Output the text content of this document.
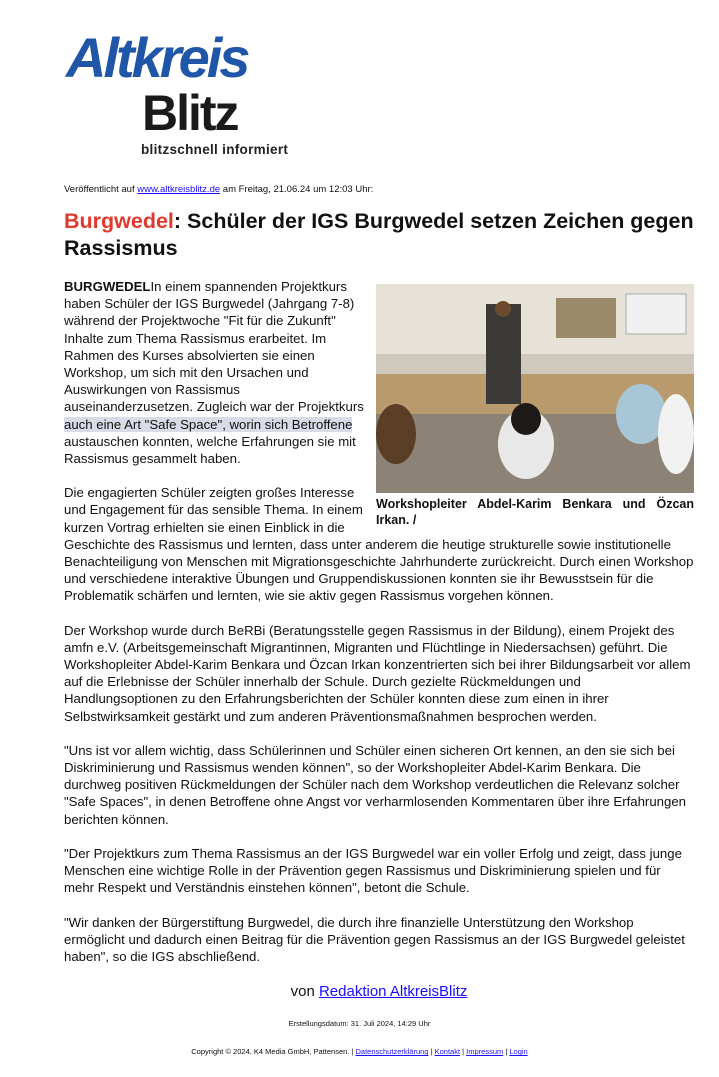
Altkreis
Blitz
blitzschnell informiert
Veröffentlicht auf www.altkreisblitz.de am Freitag, 21.06.24 um 12:03 Uhr:
Burgwedel: Schüler der IGS Burgwedel setzen Zeichen gegen Rassismus
Workshopleiter Abdel-Karim Benkara und Özcan Irkan. /

BURGWEDELIn einem spannenden Projektkurs haben Schüler der IGS Burgwedel (Jahrgang 7-8) während der Projektwoche "Fit für die Zukunft" Inhalte zum Thema Rassismus erarbeitet. Im Rahmen des Kurses absolvierten sie einen Workshop, um sich mit den Ursachen und Auswirkungen von Rassismus auseinanderzusetzen. Zugleich war der Projektkurs auch eine Art "Safe Space", worin sich Betroffene austauschen konnten, welche Erfahrungen sie mit Rassismus gesammelt haben.

Die engagierten Schüler zeigten großes Interesse und Engagement für das sensible Thema. In einem kurzen Vortrag erhielten sie einen Einblick in die Geschichte des Rassismus und lernten, dass unter anderem die heutige strukturelle sowie institutionelle Benachteiligung von Menschen mit Migrationsgeschichte Jahrhunderte zurückreicht. Durch einen Workshop und verschiedene interaktive Übungen und Gruppendiskussionen konnten sie ihr Bewusstsein für die Problematik schärfen und lernten, wie sie aktiv gegen Rassismus vorgehen können.

Der Workshop wurde durch BeRBi (Beratungsstelle gegen Rassismus in der Bildung), einem Projekt des amfn e.V. (Arbeitsgemeinschaft Migrantinnen, Migranten und Flüchtlinge in Niedersachsen) geführt. Die Workshopleiter Abdel-Karim Benkara und Özcan Irkan konzentrierten sich bei ihrer Bildungsarbeit vor allem auf die Erlebnisse der Schüler innerhalb der Schule. Durch gezielte Rückmeldungen und Handlungsoptionen zu den Erfahrungsberichten der Schüler konnten diese zum einen in ihrer Selbstwirksamkeit gestärkt und zum anderen Präventionsmaßnahmen besprochen werden.

"Uns ist vor allem wichtig, dass Schülerinnen und Schüler einen sicheren Ort kennen, an den sie sich bei Diskriminierung und Rassismus wenden können", so der Workshopleiter Abdel-Karim Benkara. Die durchweg positiven Rückmeldungen der Schüler nach dem Workshop verdeutlichen die Relevanz solcher "Safe Spaces", in denen Betroffene ohne Angst vor verharmlosenden Kommentaren über ihre Erfahrungen berichten können.

"Der Projektkurs zum Thema Rassismus an der IGS Burgwedel war ein voller Erfolg und zeigt, dass junge Menschen eine wichtige Rolle in der Prävention gegen Rassismus und Diskriminierung spielen und für mehr Respekt und Verständnis einstehen können", betont die Schule.

"Wir danken der Bürgerstiftung Burgwedel, die durch ihre finanzielle Unterstützung den Workshop ermöglicht und dadurch einen Beitrag für die Prävention gegen Rassismus an der IGS Burgwedel geleistet haben", so die IGS abschließend.

von Redaktion AltkreisBlitz
Erstellungsdatum: 31. Juli 2024, 14:29 Uhr
Copyright © 2024, K4 Media GmbH, Pattensen. | Datenschutzerklärung | Kontakt | Impressum | Login
